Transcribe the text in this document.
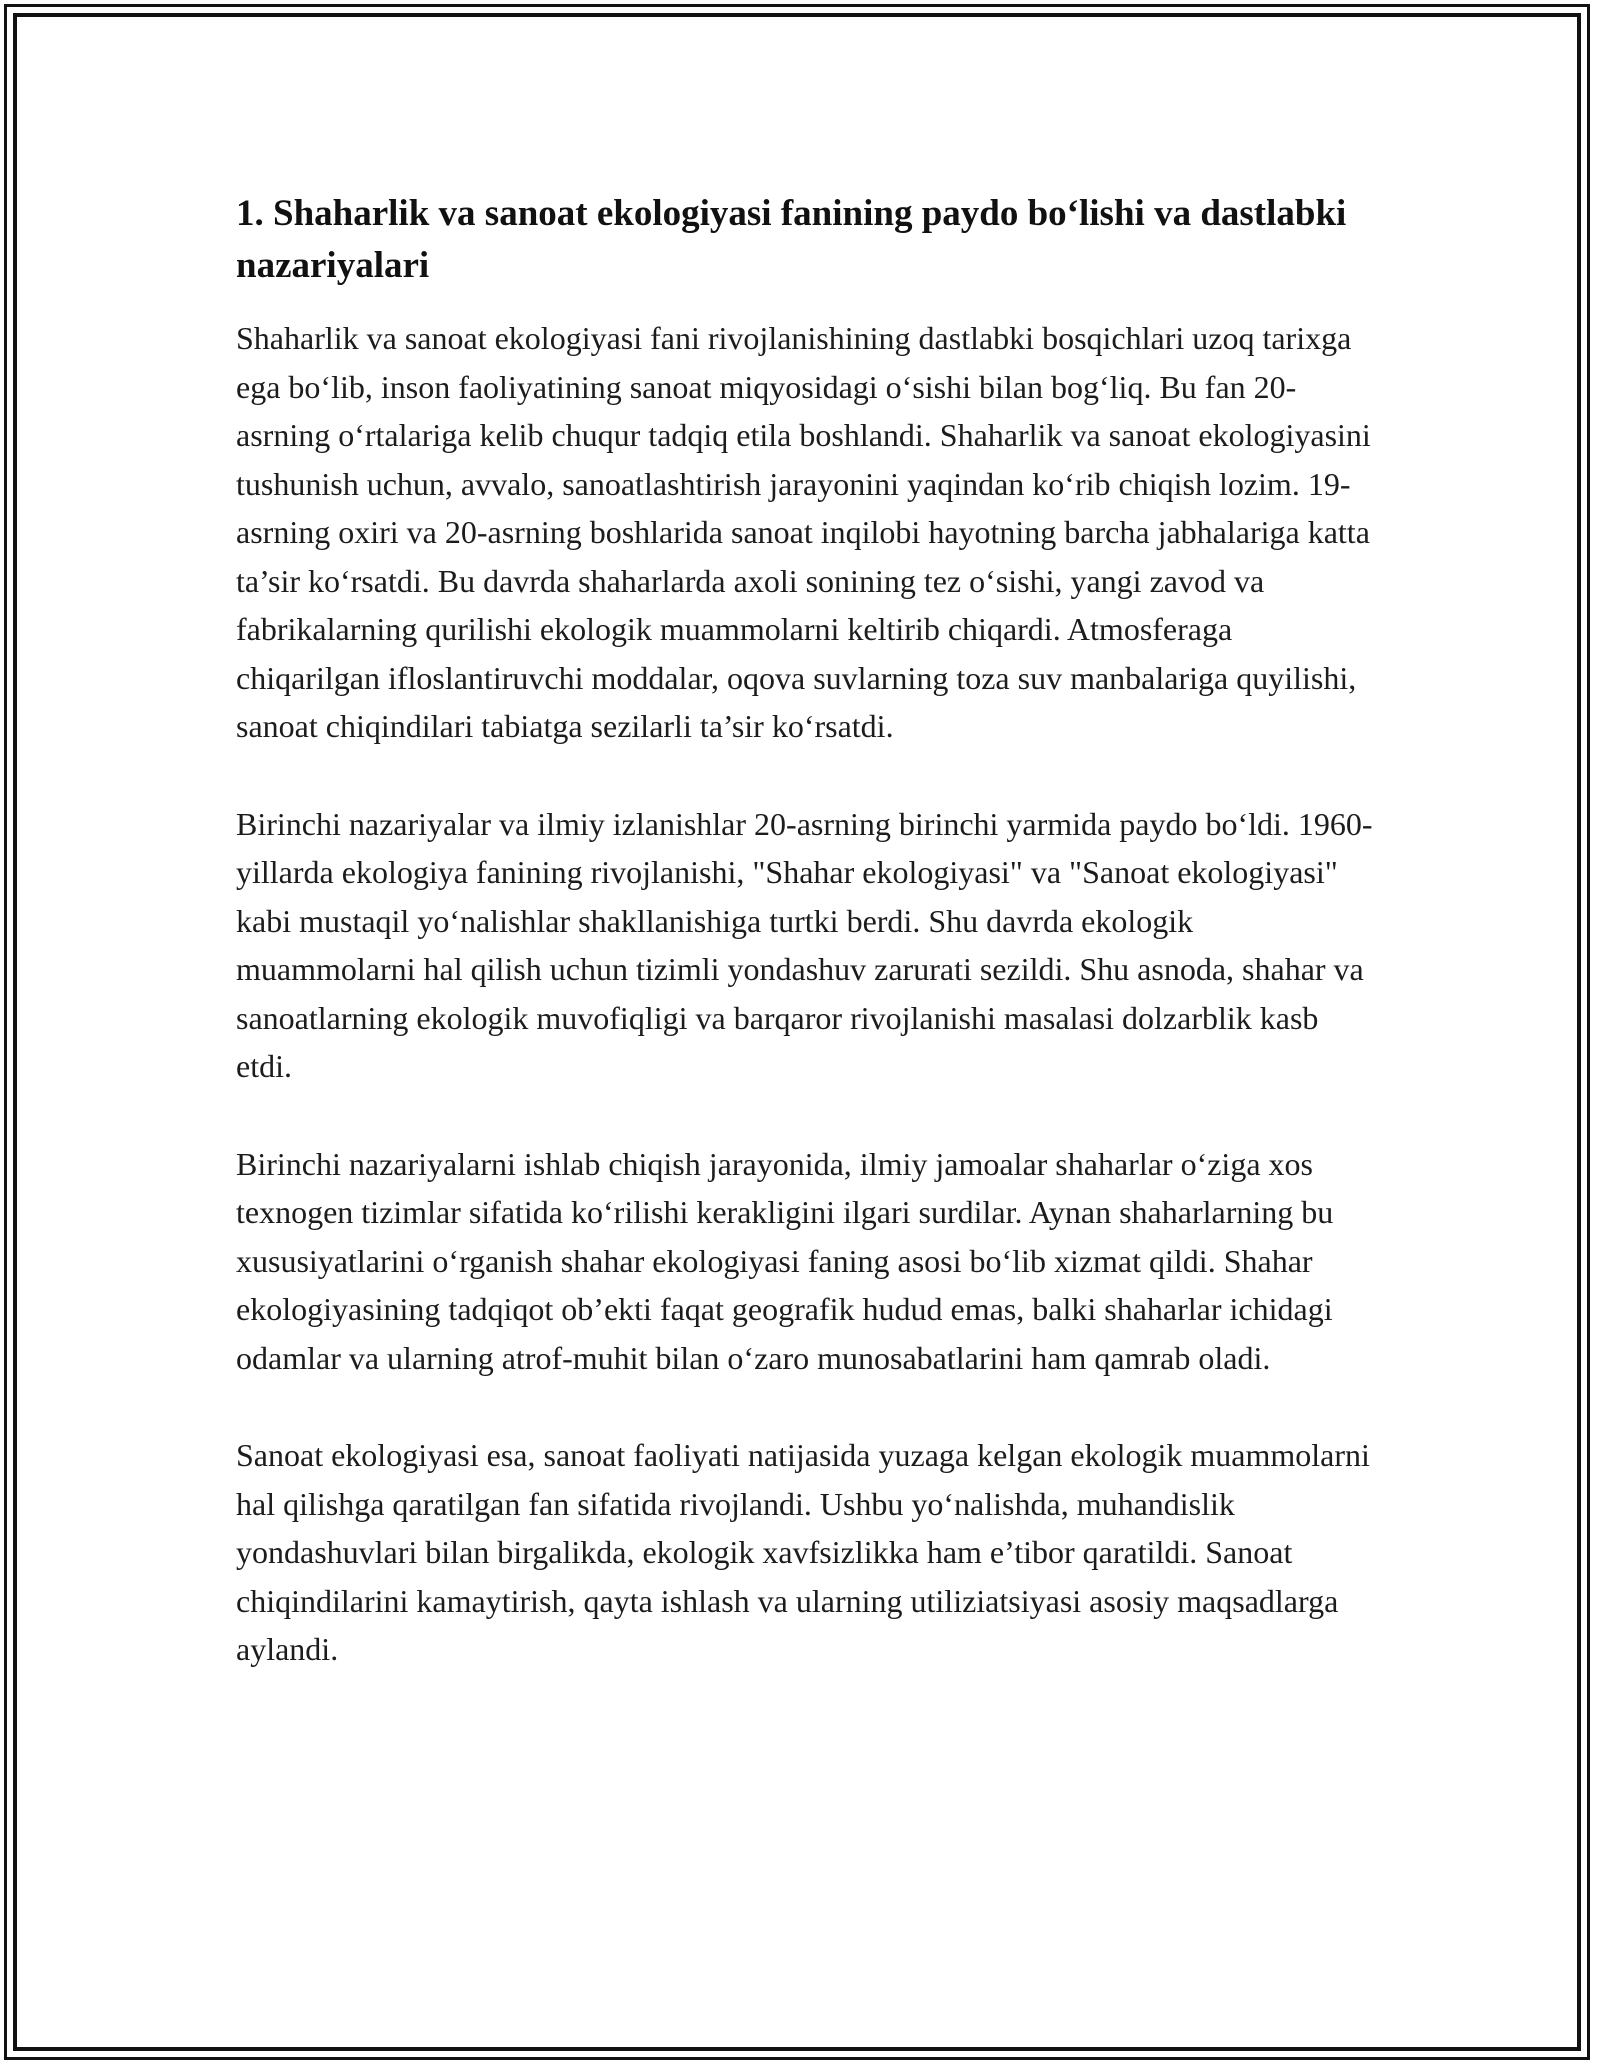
1. Shaharlik va sanoat ekologiyasi fanining paydo bo‘lishi va dastlabki nazariyalari

Shaharlik va sanoat ekologiyasi fani rivojlanishining dastlabki bosqichlari uzoq tarixga ega bo‘lib, inson faoliyatining sanoat miqyosidagi o‘sishi bilan bog‘liq. Bu fan 20-asrning o‘rtalariga kelib chuqur tadqiq etila boshlandi. Shaharlik va sanoat ekologiyasini tushunish uchun, avvalo, sanoatlashtirish jarayonini yaqindan ko‘rib chiqish lozim. 19-asrning oxiri va 20-asrning boshlarida sanoat inqilobi hayotning barcha jabhalariga katta ta’sir ko‘rsatdi. Bu davrda shaharlarda axoli sonining tez o‘sishi, yangi zavod va fabrikalarning qurilishi ekologik muammolarni keltirib chiqardi. Atmosferaga chiqarilgan ifloslantiruvchi moddalar, oqova suvlarning toza suv manbalariga quyilishi, sanoat chiqindilari tabiatga sezilarli ta’sir ko‘rsatdi.

Birinchi nazariyalar va ilmiy izlanishlar 20-asrning birinchi yarmida paydo bo‘ldi. 1960-yillarda ekologiya fanining rivojlanishi, "Shahar ekologiyasi" va "Sanoat ekologiyasi" kabi mustaqil yo‘nalishlar shakllanishiga turtki berdi. Shu davrda ekologik muammolarni hal qilish uchun tizimli yondashuv zarurati sezildi. Shu asnoda, shahar va sanoatlarning ekologik muvofiqligi va barqaror rivojlanishi masalasi dolzarblik kasb etdi.

Birinchi nazariyalarni ishlab chiqish jarayonida, ilmiy jamoalar shaharlar o‘ziga xos texnogen tizimlar sifatida ko‘rilishi kerakligini ilgari surdilar. Aynan shaharlarning bu xususiyatlarini o‘rganish shahar ekologiyasi faning asosi bo‘lib xizmat qildi. Shahar ekologiyasining tadqiqot ob’ekti faqat geografik hudud emas, balki shaharlar ichidagi odamlar va ularning atrof-muhit bilan o‘zaro munosabatlarini ham qamrab oladi.

Sanoat ekologiyasi esa, sanoat faoliyati natijasida yuzaga kelgan ekologik muammolarni hal qilishga qaratilgan fan sifatida rivojlandi. Ushbu yo‘nalishda, muhandislik yondashuvlari bilan birgalikda, ekologik xavfsizlikka ham e’tibor qaratildi. Sanoat chiqindilarini kamaytirish, qayta ishlash va ularning utiliziatsiyasi asosiy maqsadlarga aylandi.
